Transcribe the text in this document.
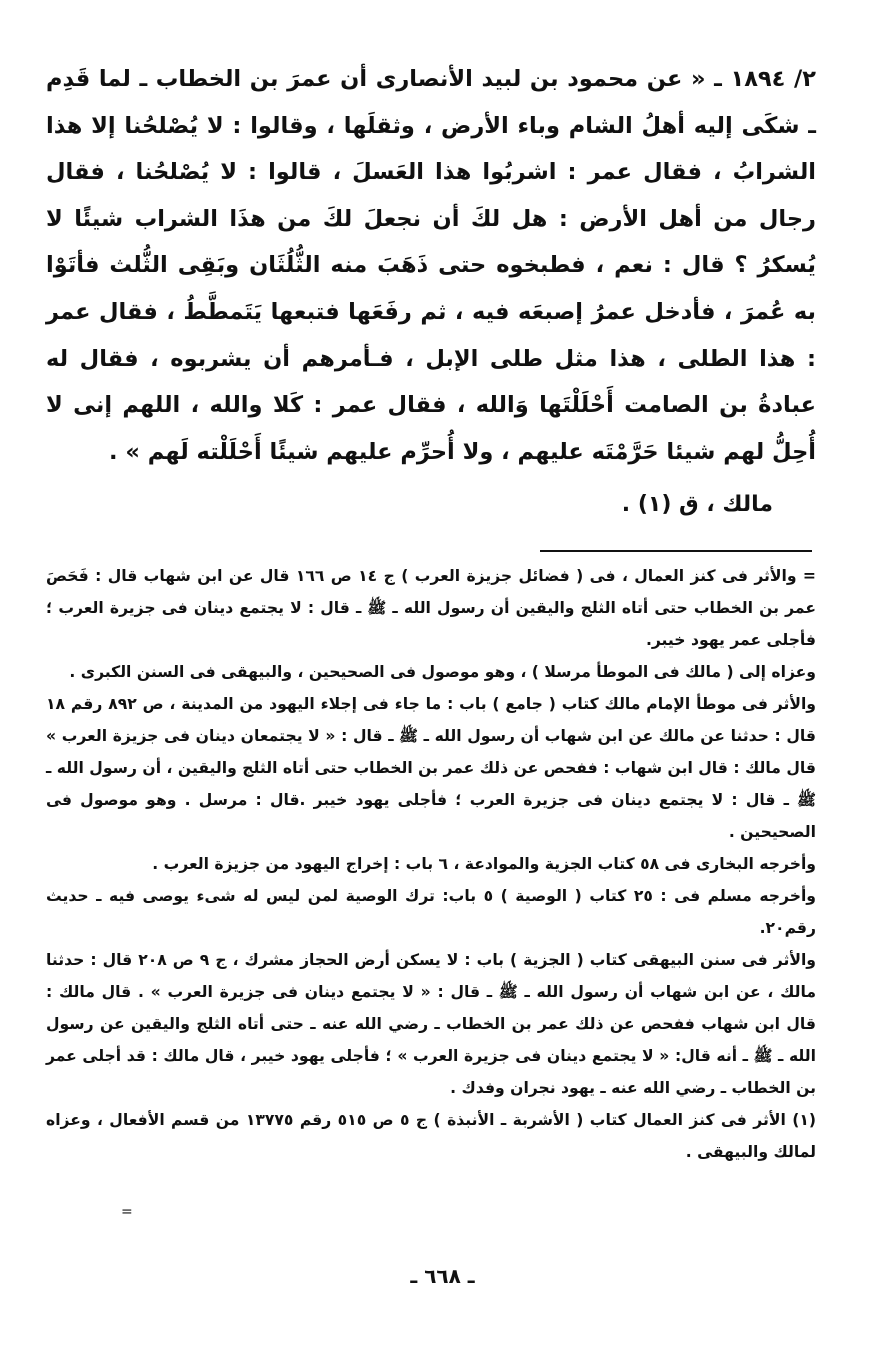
٢/ ١٨٩٤ ـ « عن محمود بن لبيد الأنصارى أن عمرَ بن الخطاب ـ لما قَدِم ـ شكَى إليه أهلُ الشام وباء الأرض ، وثقلَها ، وقالوا : لا يُصْلحُنا إلا هذا الشرابُ ، فقال عمر : اشربُوا هذا العَسلَ ، قالوا : لا يُصْلحُنا ، فقال رجال من أهل الأرض : هل لكَ أن نجعلَ لكَ من هذَا الشراب شيئًا لا يُسكرُ ؟ قال : نعم ، فطبخوه حتى ذَهَبَ منه الثُّلُثَان وبَقِى الثُّلث فأتَوْا به عُمرَ ، فأدخل عمرُ إصبعَه فيه ، ثم رفَعَها فتبعها يَتَمطَّطُ ، فقال عمر : هذا الطلى ، هذا مثل طلى الإبل ، فـأمرهم أن يشربوه ، فقال له عبادةُ بن الصامت أَحْلَلْتَها وَالله ، فقال عمر : كَلا والله ، اللهم إنى لا أُحِلُّ لهم شيئا حَرَّمْتَه عليهم ، ولا أُحرِّم عليهم شيئًا أَحْلَلْته لَهم » .

مالك ، ق (١) .

= والأثر فى كنز العمال ، فى ( فضائل جزيزة العرب ) ج ١٤ ص ١٦٦ قال عن ابن شهاب قال : فَحَصَ عمر بن الخطاب حتى أتاه الثلج واليقين أن رسول الله ـ ﷺ ـ قال : لا يجتمع دينان فى جزيرة العرب ؛ فأجلى عمر يهود خيبر.

وعزاه إلى ( مالك فى الموطأ مرسلا ) ، وهو موصول فى الصحيحين ، والبيهقى فى السنن الكبرى .

والأثر فى موطأ الإمام مالك كتاب ( جامع ) باب : ما جاء فى إجلاء اليهود من المدينة ، ص ٨٩٢ رقم ١٨ قال : حدثنا عن مالك عن ابن شهاب أن رسول الله ـ ﷺ ـ قال : « لا يجتمعان دينان فى جزيزة العرب » قال مالك : قال ابن شهاب : ففحص عن ذلك عمر بن الخطاب حتى أتاه الثلج واليقين ، أن رسول الله ـ ﷺ ـ قال : لا يجتمع دينان فى جزيرة العرب ؛ فأجلى يهود خيبر .قال : مرسل . وهو موصول فى الصحيحين .

وأخرجه البخارى فى ٥٨ كتاب الجزية والموادعة ، ٦ باب : إخراج اليهود من جزيزة العرب .

وأخرجه مسلم فى : ٢٥ كتاب ( الوصية ) ٥ باب: ترك الوصية لمن ليس له شىء يوصى فيه ـ حديث رقم٢٠.

والأثر فى سنن البيهقى كتاب ( الجزية ) باب : لا يسكن أرض الحجاز مشرك ، ج ٩ ص ٢٠٨ قال : حدثنا مالك ، عن ابن شهاب أن رسول الله ـ ﷺ ـ قال : « لا يجتمع دينان فى جزيرة العرب » . قال مالك : قال ابن شهاب ففحص عن ذلك عمر بن الخطاب ـ رضي الله عنه ـ حتى أتاه الثلج واليقين عن رسول الله ـ ﷺ ـ أنه قال: « لا يجتمع دينان فى جزيرة العرب » ؛ فأجلى يهود خيبر ، قال مالك : قد أجلى عمر بن الخطاب ـ رضي الله عنه ـ يهود نجران وفدك .

(١) الأثر فى كنز العمال كتاب ( الأشربة ـ الأنبذة ) ج ٥ ص ٥١٥ رقم ١٣٧٧٥ من قسم الأفعال ، وعزاه لمالك والبيهقى .

=
ـ ٦٦٨ ـ
